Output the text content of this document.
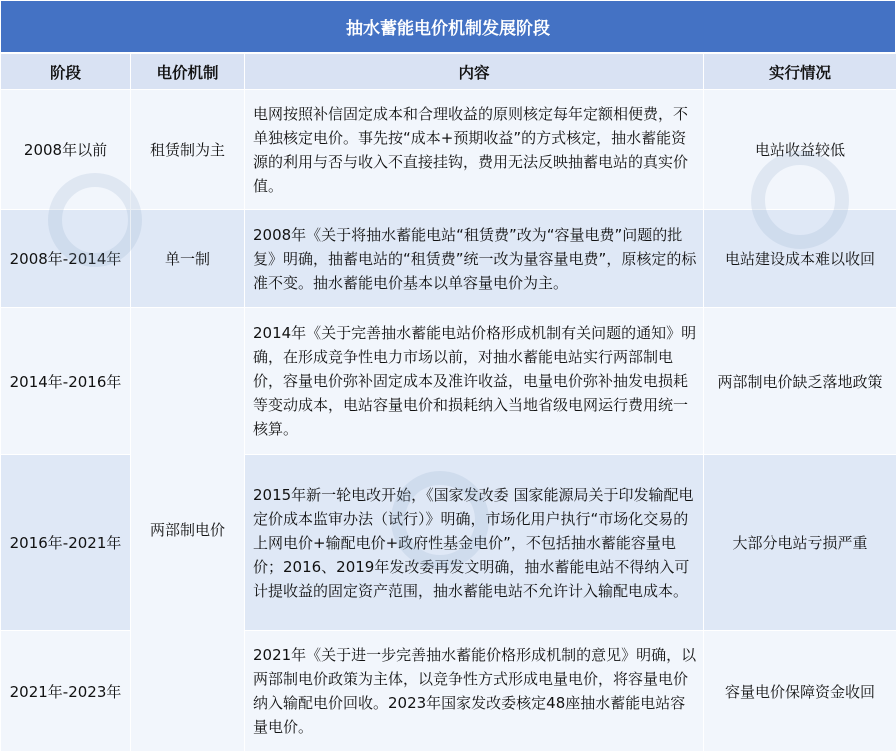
抽水蓄能电价机制发展阶段
阶段	电价机制	内容	实行情况
2008年以前	租赁制为主	电网按照补信固定成本和合理收益的原则核定每年定额相便费，不单独核定电价。事先按“成本+预期收益”的方式核定，抽水蓄能资源的利用与否与收入不直接挂钩，费用无法反映抽蓄电站的真实价值。	电站收益较低
2008年-2014年	单一制	2008年《关于将抽水蓄能电站“租赁费”改为“容量电费”问题的批复》明确，抽蓄电站的“租赁费”统一改为量容量电费”，原核定的标准不变。抽水蓄能电价基本以单容量电价为主。	电站建设成本难以收回
2014年-2016年	两部制电价	2014年《关于完善抽水蓄能电站价格形成机制有关问题的通知》明确，在形成竞争性电力市场以前，对抽水蓄能电站实行两部制电价，容量电价弥补固定成本及准许收益，电量电价弥补抽发电损耗等变动成本，电站容量电价和损耗纳入当地省级电网运行费用统一核算。	两部制电价缺乏落地政策
2016年-2021年		2015年新一轮电改开始，《国家发改委 国家能源局关于印发输配电定价成本监审办法（试行）》明确，市场化用户执行“市场化交易的上网电价+输配电价+政府性基金电价”，不包括抽水蓄能容量电价；2016、2019年发改委再发文明确，抽水蓄能电站不得纳入可计提收益的固定资产范围，抽水蓄能电站不允许计入输配电成本。	大部分电站亏损严重
2021年-2023年		2021年《关于进一步完善抽水蓄能价格形成机制的意见》明确，以两部制电价政策为主体，以竞争性方式形成电量电价，将容量电价纳入输配电价回收。2023年国家发改委核定48座抽水蓄能电站容量电价。	容量电价保障资金收回
